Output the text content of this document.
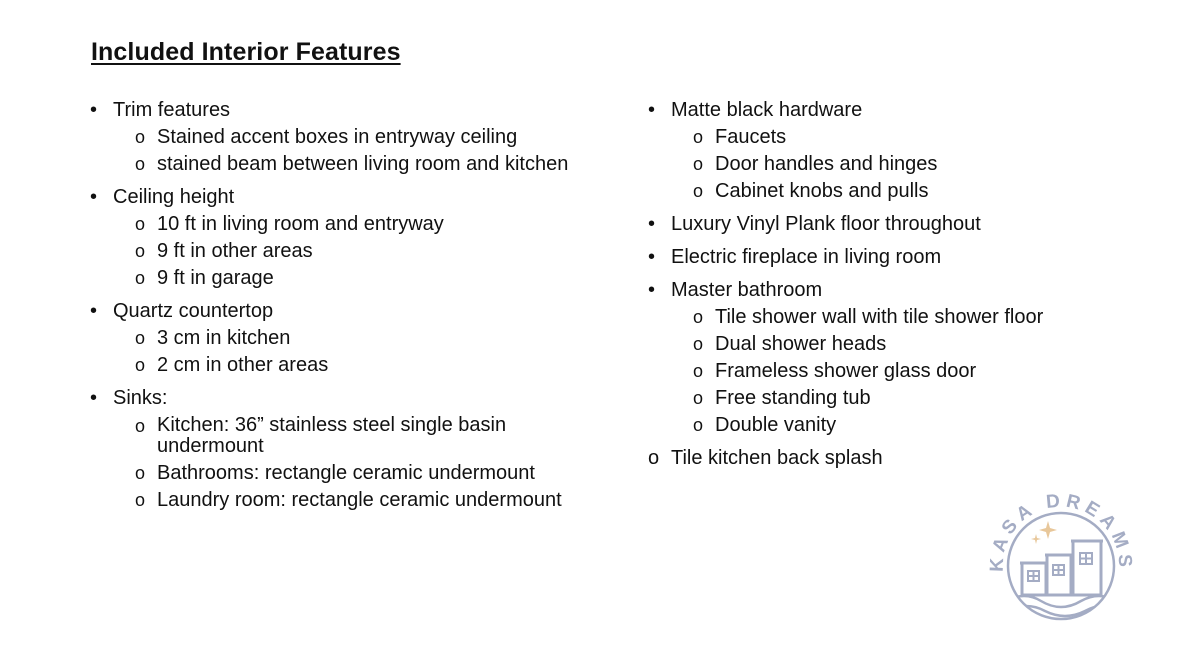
Included Interior Features
• Trim features
o Stained accent boxes in entryway ceiling
o stained beam between living room and kitchen
• Ceiling height
o 10 ft in living room and entryway
o 9 ft in other areas
o 9 ft in garage
• Quartz countertop
o 3 cm in kitchen
o 2 cm in other areas
• Sinks:
o Kitchen: 36” stainless steel single basin undermount
o Bathrooms: rectangle ceramic undermount
o Laundry room: rectangle ceramic undermount
• Matte black hardware
o Faucets
o Door handles and hinges
o Cabinet knobs and pulls
• Luxury Vinyl Plank floor throughout
• Electric fireplace in living room
• Master bathroom
o Tile shower wall with tile shower floor
o Dual shower heads
o Frameless shower glass door
o Free standing tub
o Double vanity
o Tile kitchen back splash
KASA DREAMS
